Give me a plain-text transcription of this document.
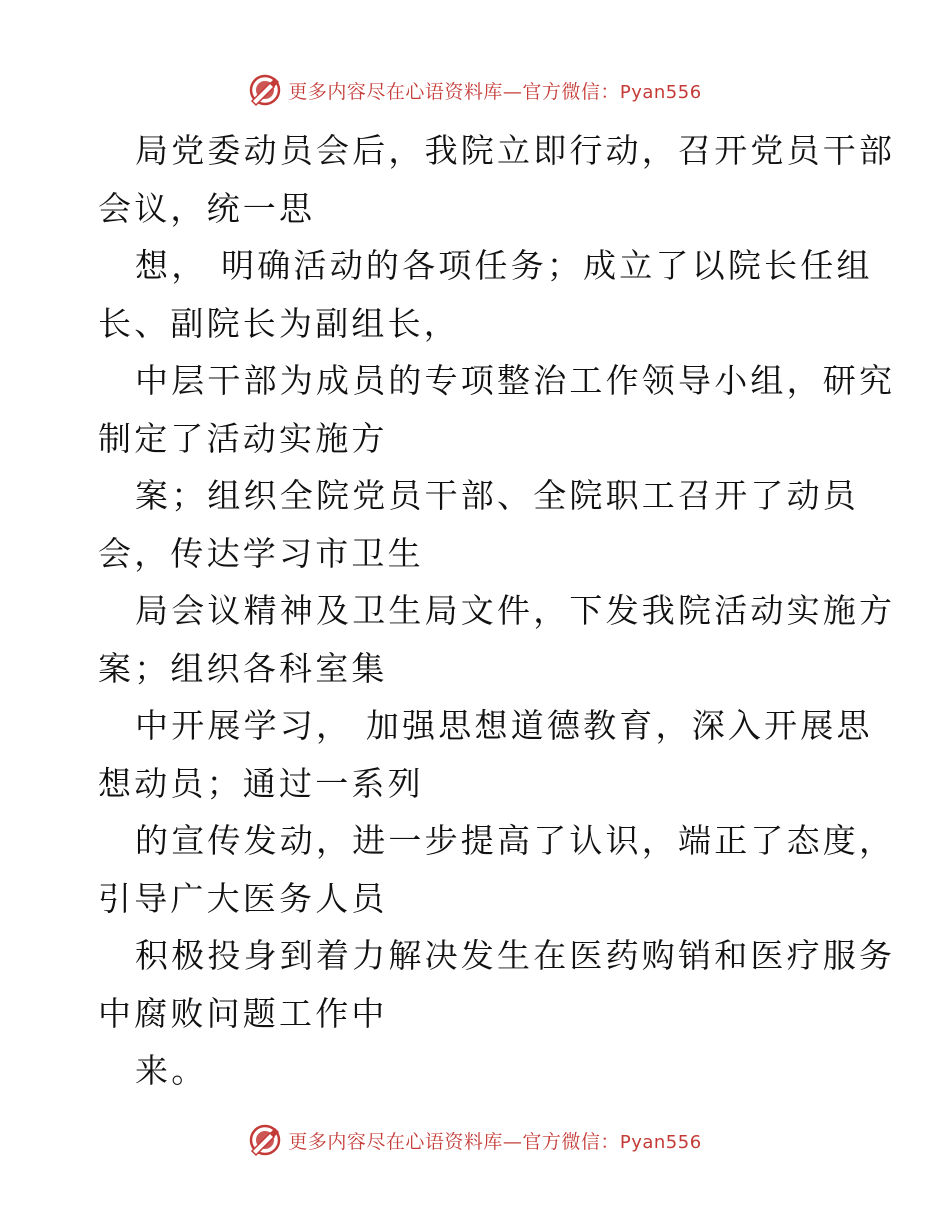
更多内容尽在心语资料库—官方微信：Pyan556
局党委动员会后，我院立即行动，召开党员干部
会议，统一思
想， 明确活动的各项任务；成立了以院长任组
长、副院长为副组长，
中层干部为成员的专项整治工作领导小组，研究
制定了活动实施方
案；组织全院党员干部、全院职工召开了动员
会，传达学习市卫生
局会议精神及卫生局文件，下发我院活动实施方
案；组织各科室集
中开展学习， 加强思想道德教育，深入开展思
想动员；通过一系列
的宣传发动，进一步提高了认识，端正了态度，
引导广大医务人员
积极投身到着力解决发生在医药购销和医疗服务
中腐败问题工作中
来。
更多内容尽在心语资料库—官方微信：Pyan556
